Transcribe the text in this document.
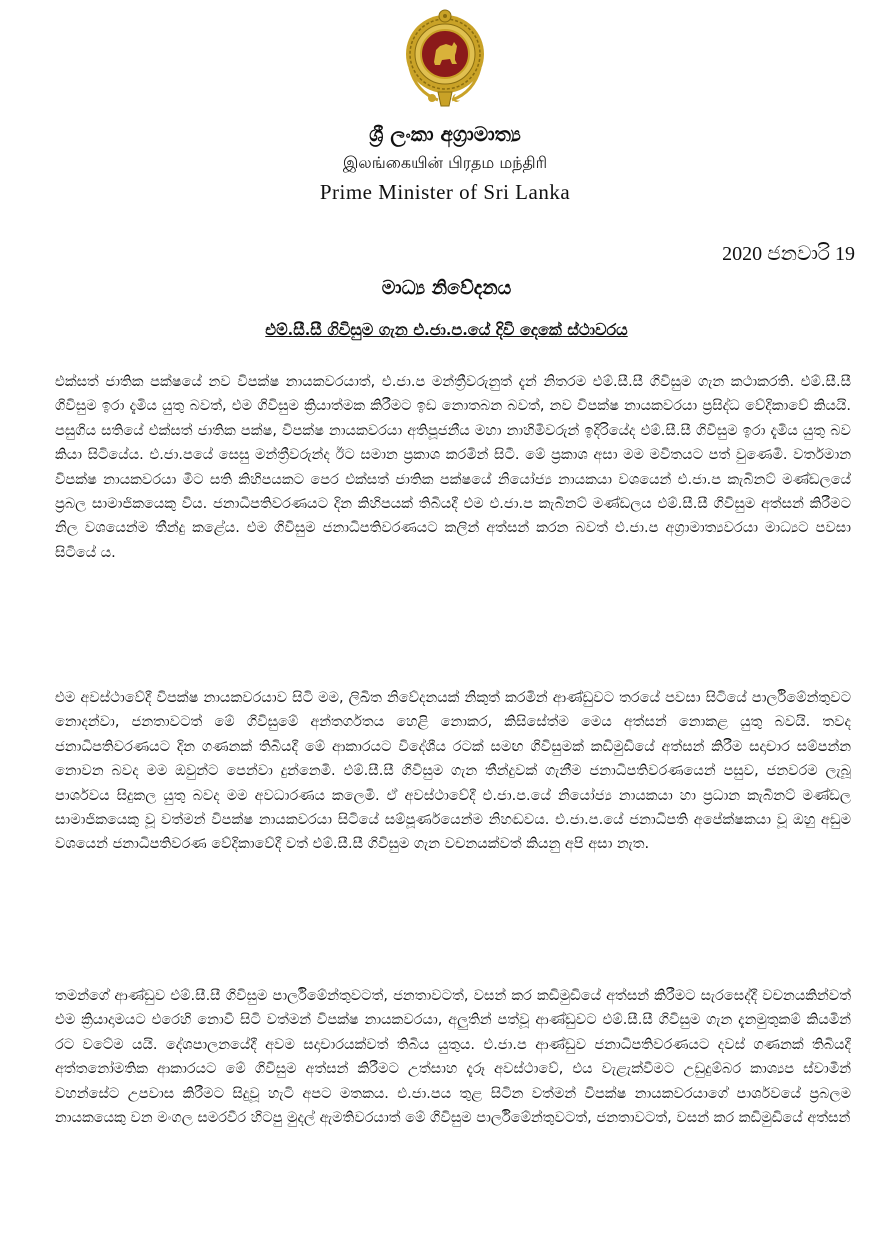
ශ්‍රී ලංකා අග්‍රාමාත්‍ය
இலங்கையின் பிரதம மந்திரி
Prime Minister of Sri Lanka
2020 ජනවාරි 19
මාධ්‍ය නිවේදනය
එම්.සී.සී ගිවිසුම ගැන එ.ජා.ප.යේ දිවි දෙකේ ස්ථාවරය

එක්සත් ජාතික පක්ෂයේ නව විපක්ෂ නායකවරයාත්, එ.ජා.ප මන්ත්‍රීවරුනුත් දැන් නිතරම එම්.සී.සී ගිවිසුම ගැන කථාකරති. එම්.සී.සී ගිවිසුම ඉරා දැමිය යුතු බවත්, එම ගිවිසුම ක්‍රියාත්මක කිරීමට ඉඩ නොතබන බවත්, නව විපක්ෂ නායකවරයා ප්‍රසිද්ධ වේදිකාවේ කියයි. පසුගිය සතියේ එක්සත් ජාතික පක්ෂ, විපක්ෂ නායකවරයා අතිපූජනීය මහා නාහිමිවරුන් ඉදිරියේද එම්.සී.සී ගිවිසුම ඉරා දැමිය යුතු බව කියා සිටියේය. එ.ජා.පයේ සෙසු මන්ත්‍රීවරුන්ද ඊට සමාන ප්‍රකාශ කරමින් සිටී. මේ ප්‍රකාශ අසා මම මවිතයට පත් වුණෙමි. වර්තමාන විපක්ෂ නායකවරයා මීට සති කිහිපයකට පෙර එක්සත් ජාතික පක්ෂයේ නියෝජ්‍ය නායකයා වශයෙන් එ.ජා.ප කැබිනට් මණ්ඩලයේ ප්‍රබල සාමාජිකයෙකු විය. ජනාධිපතිවරණයට දින කිහිපයක් තිබියදී එම එ.ජා.ප කැබිනට් මණ්ඩලය එම්.සී.සී ගිවිසුම අත්සන් කිරීමට නිල වශයෙන්ම තීන්දු කළේය. එම ගිවිසුම ජනාධිපතිවරණයට කලින් අත්සන් කරන බවත් එ.ජා.ප අග්‍රාමාත්‍යවරයා මාධ්‍යට පවසා සිටියේ ය.

එම අවස්ථාවේදී විපක්ෂ නායකවරයාව සිටි මම, ලිඛිත නිවේදනයක් නිකුත් කරමින් ආණ්ඩුවට තරයේ පවසා සිටියේ පාර්ලිමේන්තුවට නොදන්වා, ජනතාවටත් මේ ගිවිසුමේ අන්තර්ගතය හෙළි නොකර, කිසිසේත්ම මෙය අත්සන් නොකළ යුතු බවයි. තවද ජනාධිපතිවරණයට දින ගණනක් තිබියදී මේ ආකාරයට විදේශීය රටක් සමඟ ගිවිසුමක් කඩිමුඩියේ අත්සන් කිරීම සදාචාර සම්පන්න නොවන බවද මම ඔවුන්ට පෙන්වා දුන්නෙමි. එම්.සී.සී ගිවිසුම ගැන තීන්දුවක් ගැනීම ජනාධිපතිවරණයෙන් පසුව, ජනවරම ලැබූ පාර්ශවය සිදුකල යුතු බවද මම අවධාරණය කලෙමි. ඒ අවස්ථාවේදී එ.ජා.ප.යේ නියෝජ්‍ය නායකයා හා ප්‍රධාන කැබිනට් මණ්ඩල සාමාජිකයෙකු වූ වත්මන් විපක්ෂ නායකවරයා සිටියේ සම්පූර්ණයෙන්ම නිහඬවය. එ.ජා.ප.යේ ජනාධිපති අපේක්ෂකයා වූ ඔහු අඩුම වශයෙන් ජනාධිපතිවරණ වේදිකාවේදී වත් එම්.සී.සී ගිවිසුම ගැන වචනයක්වත් කියනු අපි අසා නැත.

තමන්ගේ ආණ්ඩුව එම්.සී.සී ගිවිසුම පාර්ලිමේන්තුවටත්, ජනතාවටත්, වසන් කර කඩිමුඩියේ අත්සන් කිරීමට සැරසෙද්දී වචනයකින්වත් එම ක්‍රියාදාමයට එරෙහි නොවී සිටි වත්මන් විපක්ෂ නායකවරයා, අලුතින් පත්වූ ආණ්ඩුවට එම්.සී.සී ගිවිසුම ගැන දැනමුතුකම් කියමින් රට වටේම යයි. දේශපාලනයේදී අවම සදාචාරයක්වත් තිබිය යුතුය. එ.ජා.ප ආණ්ඩුව ජනාධිපතිවරණයට දවස් ගණනක් තිබියදී අත්තනෝමතික ආකාරයට මේ ගිවිසුම අත්සන් කිරීමට උත්සාහ දැරූ අවස්ථාවේ, එය වැළැක්වීමට උඩුදුම්බර කාශ්‍යප ස්වාමීන් වහන්සේට උපවාස කිරීමට සිදුවූ හැටි අපට මතකය. එ.ජා.පය තුළ සිටින වත්මන් විපක්ෂ නායකවරයාගේ පාර්ශවයේ ප්‍රබලම නායකයෙකු වන මංගල සමරවීර හිටපු මුදල් ඇමතිවරයාත් මේ ගිවිසුම පාර්ලිමේන්තුවටත්, ජනතාවටත්, වසන් කර කඩිමුඩියේ අත්සන්
